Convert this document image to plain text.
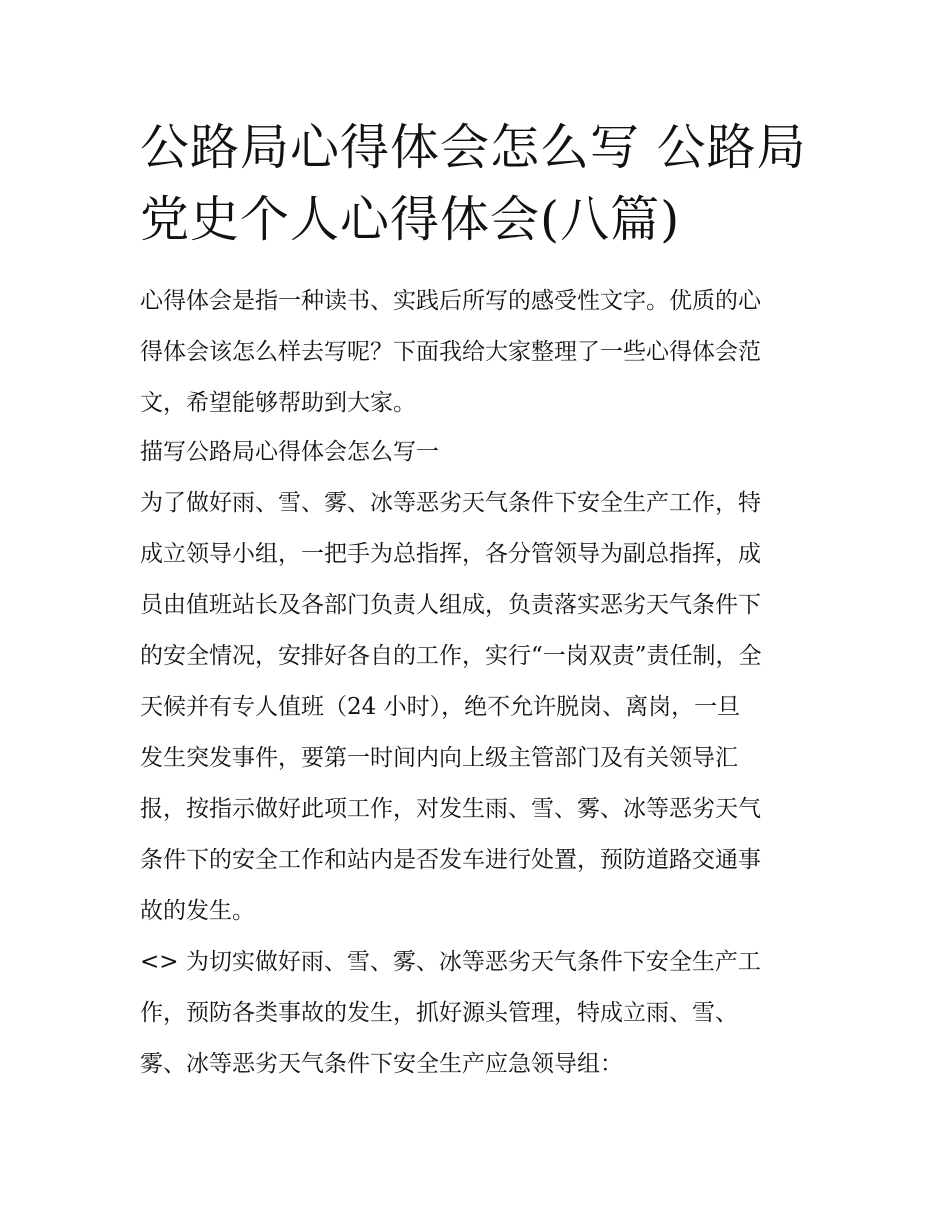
公路局心得体会怎么写 公路局
党史个人心得体会(八篇)

心得体会是指一种读书、实践后所写的感受性文字。优质的心
得体会该怎么样去写呢？下面我给大家整理了一些心得体会范
文，希望能够帮助到大家。

描写公路局心得体会怎么写一

为了做好雨、雪、雾、冰等恶劣天气条件下安全生产工作，特
成立领导小组，一把手为总指挥，各分管领导为副总指挥，成
员由值班站长及各部门负责人组成，负责落实恶劣天气条件下
的安全情况，安排好各自的工作，实行“一岗双责”责任制，全
天候并有专人值班（24 小时），绝不允许脱岗、离岗，一旦
发生突发事件，要第一时间内向上级主管部门及有关领导汇
报，按指示做好此项工作，对发生雨、雪、雾、冰等恶劣天气
条件下的安全工作和站内是否发车进行处置，预防道路交通事
故的发生。

<> 为切实做好雨、雪、雾、冰等恶劣天气条件下安全生产工
作，预防各类事故的发生，抓好源头管理，特成立雨、雪、
雾、冰等恶劣天气条件下安全生产应急领导组：
